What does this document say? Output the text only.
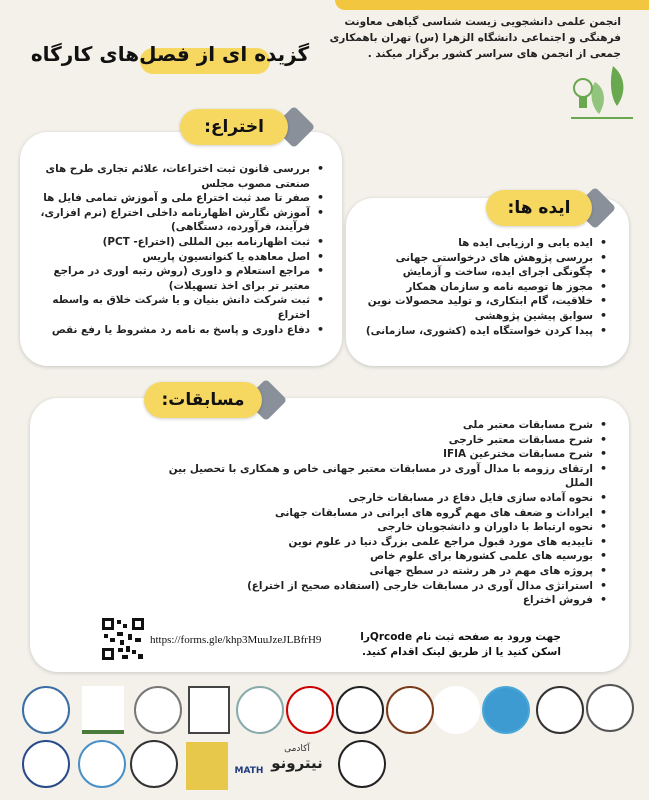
انجمن علمی دانشجویی زیست شناسی گیاهی معاونت
فرهنگی و اجتماعی دانشگاه الزهرا (س) تهران باهمکاری
جمعی از انجمن های سراسر کشور برگزار میکند .
گزیده ای از فصل‌های کارگاه
• بررسی قانون ثبت اختراعات، علائم تجاری طرح های صنعتی مصوب مجلس
• صفر تا صد ثبت اختراع ملی و آموزش تمامی فایل ها
• آموزش نگارش اظهارنامه داخلی اختراع (نرم افزاری، فرآیند، فرآورده، دستگاهی)
• ثبت اظهارنامه بین المللی (اختراع- PCT)
• اصل معاهده یا کنوانسیون پاریس
• مراجع استعلام و داوری (روش رتبه اوری در مراجع معتبر تر برای اخذ تسهیلات)
• ثبت شرکت دانش بنیان و یا شرکت خلاق به واسطه اختراع
• دفاع داوری و پاسخ به نامه رد مشروط یا رفع نقص
اختراع:
• ایده یابی و ارزیابی ایده ها
• بررسی پژوهش های درخواستی جهانی
• چگونگی اجرای ایده، ساخت و آزمایش
• مجوز ها توصیه نامه و سازمان همکار
• خلاقیت، گام ابتکاری، و تولید محصولات نوین
• سوابق پیشین پژوهشی
• پیدا کردن خواستگاه ایده (کشوری، سازمانی)
ایده ها:
• شرح مسابقات معتبر ملی
• شرح مسابقات معتبر خارجی
• شرح مسابقات مخترعین IFIA
• ارتقای رزومه با مدال آوری در مسابقات معتبر جهانی خاص و همکاری با تحصیل بین الملل
• نحوه آماده سازی فایل دفاع در مسابقات خارجی
• ایرادات و ضعف های مهم گروه های ایرانی در مسابقات جهانی
• نحوه ارتباط با داوران و دانشجویان خارجی
• تاییدیه های مورد قبول مراجع علمی بزرگ دنیا در علوم نوین
• بورسیه های علمی کشورها برای علوم خاص
• پروژه های مهم در هر رشته در سطح جهانی
• استراتژی مدال آوری در مسابقات خارجی (استفاده صحیح از اختراع)
• فروش اختراع
مسابقات:
https://forms.gle/khp3MuuJzeJLBfrH9	جهت ورود به صفحه ثبت نام Qrcodeرا اسکن کنید یا از طریق لینک اقدام کنید.
آکادمی
نیترونو
MATH
